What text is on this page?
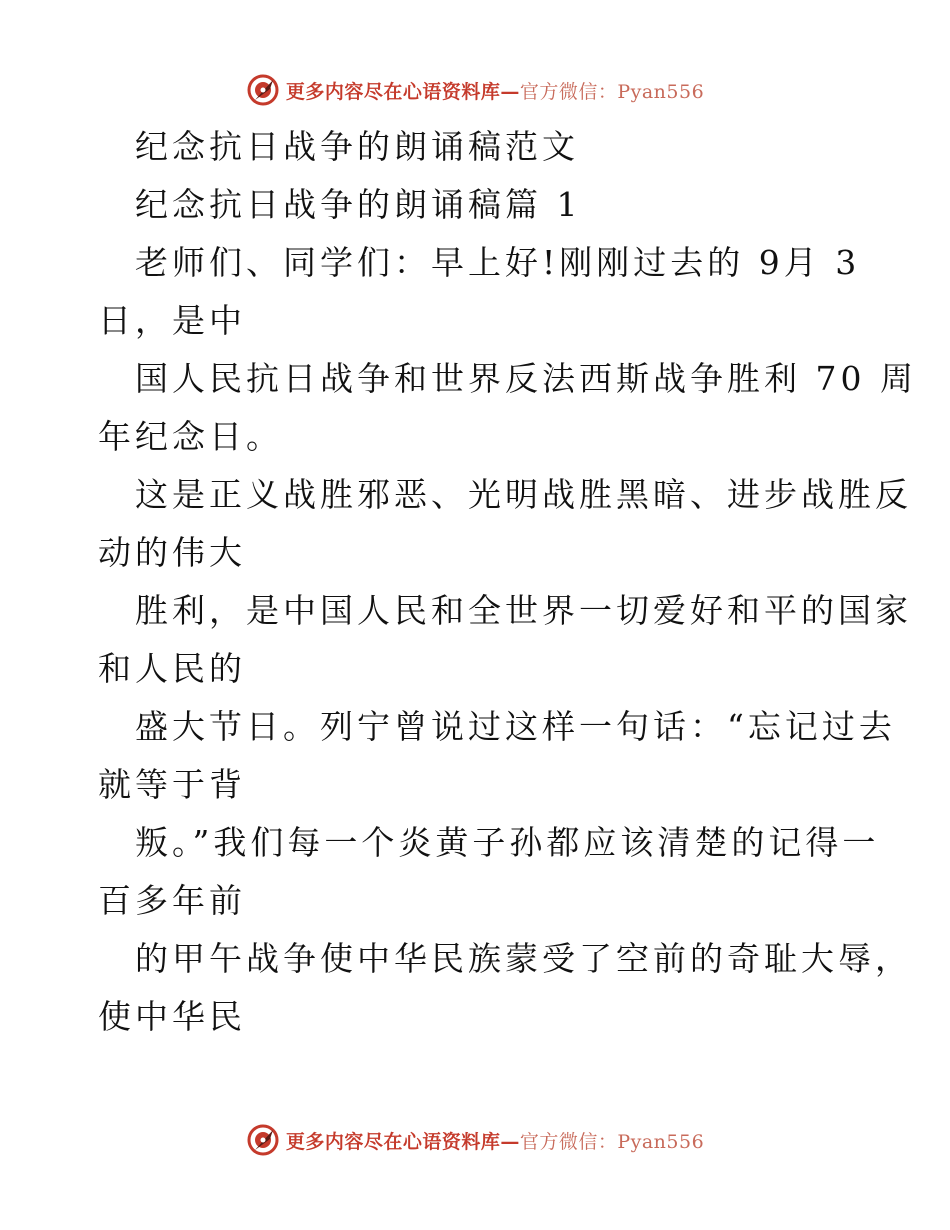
更多内容尽在心语资料库—官方微信：Pyan556
纪念抗日战争的朗诵稿范文
纪念抗日战争的朗诵稿篇 1
老师们、同学们：早上好!刚刚过去的 9月 3
日，是中
国人民抗日战争和世界反法西斯战争胜利 70 周
年纪念日。
这是正义战胜邪恶、光明战胜黑暗、进步战胜反
动的伟大
胜利，是中国人民和全世界一切爱好和平的国家
和人民的
盛大节日。列宁曾说过这样一句话：“忘记过去
就等于背
叛。”我们每一个炎黄子孙都应该清楚的记得一
百多年前
的甲午战争使中华民族蒙受了空前的奇耻大辱，
使中华民
更多内容尽在心语资料库—官方微信：Pyan556
